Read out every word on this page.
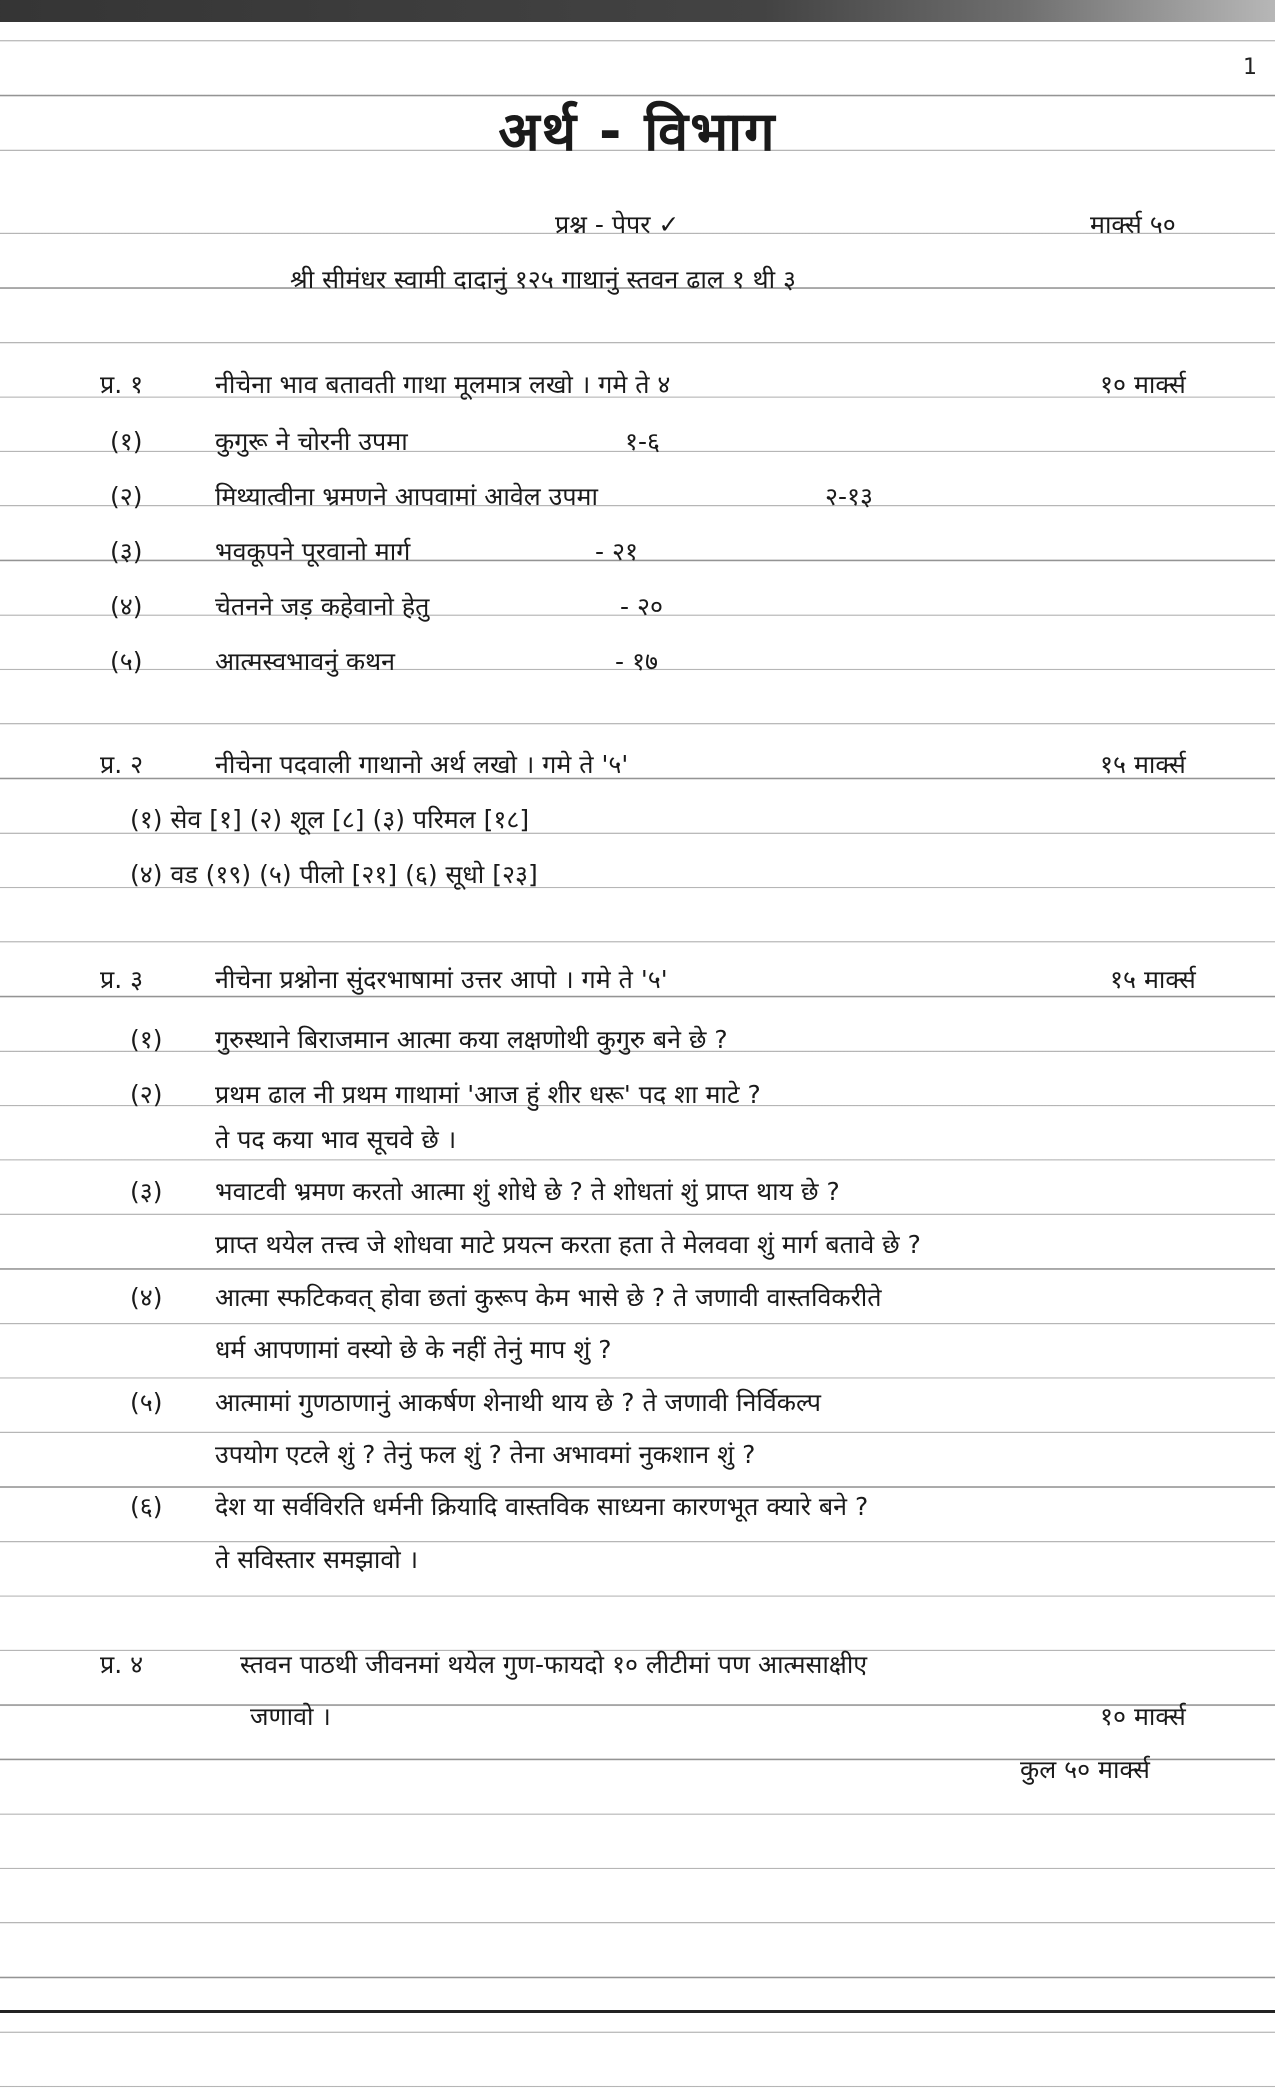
1
अर्थ - विभाग
प्रश्न - पेपर ✓	मार्क्स ५०
श्री सीमंधर स्वामी दादानुं १२५ गाथानुं स्तवन ढाल १ थी ३
प्र. १	नीचेना भाव बतावती गाथा मूलमात्र लखो । गमे ते ४	१० मार्क्स
(१)	कुगुरू ने चोरनी उपमा	१-६
(२)	मिथ्यात्वीना भ्रमणने आपवामां आवेल उपमा	२-१३
(३)	भवकूपने पूरवानो मार्ग	- २१
(४)	चेतनने जड़ कहेवानो हेतु	- २०
(५)	आत्मस्वभावनुं कथन	- १७
प्र. २	नीचेना पदवाली गाथानो अर्थ लखो । गमे ते '५'	१५ मार्क्स
(१) सेव [१] (२) शूल [८] (३) परिमल [१८]
(४) वड (१९) (५) पीलो [२१] (६) सूधो [२३]
प्र. ३	नीचेना प्रश्नोना सुंदरभाषामां उत्तर आपो । गमे ते '५'	१५ मार्क्स
(१) गुरुस्थाने बिराजमान आत्मा कया लक्षणोथी कुगुरु बने छे ?
(२) प्रथम ढाल नी प्रथम गाथामां 'आज हुं शीर धरू' पद शा माटे ?
ते पद कया भाव सूचवे छे ।
(३) भवाटवी भ्रमण करतो आत्मा शुं शोधे छे ? ते शोधतां शुं प्राप्त थाय छे ?
प्राप्त थयेल तत्त्व जे शोधवा माटे प्रयत्न करता हता ते मेलववा शुं मार्ग बतावे छे ?
(४) आत्मा स्फटिकवत् होवा छतां कुरूप केम भासे छे ? ते जणावी वास्तविकरीते
धर्म आपणामां वस्यो छे के नहीं तेनुं माप शुं ?
(५) आत्मामां गुणठाणानुं आकर्षण शेनाथी थाय छे ? ते जणावी निर्विकल्प
उपयोग एटले शुं ? तेनुं फल शुं ? तेना अभावमां नुकशान शुं ?
(६) देश या सर्वविरति धर्मनी क्रियादि वास्तविक साध्यना कारणभूत क्यारे बने ?
ते सविस्तार समझावो ।
प्र. ४	स्तवन पाठथी जीवनमां थयेल गुण-फायदो १० लीटीमां पण आत्मसाक्षीए
जणावो ।	१० मार्क्स
कुल ५० मार्क्स
